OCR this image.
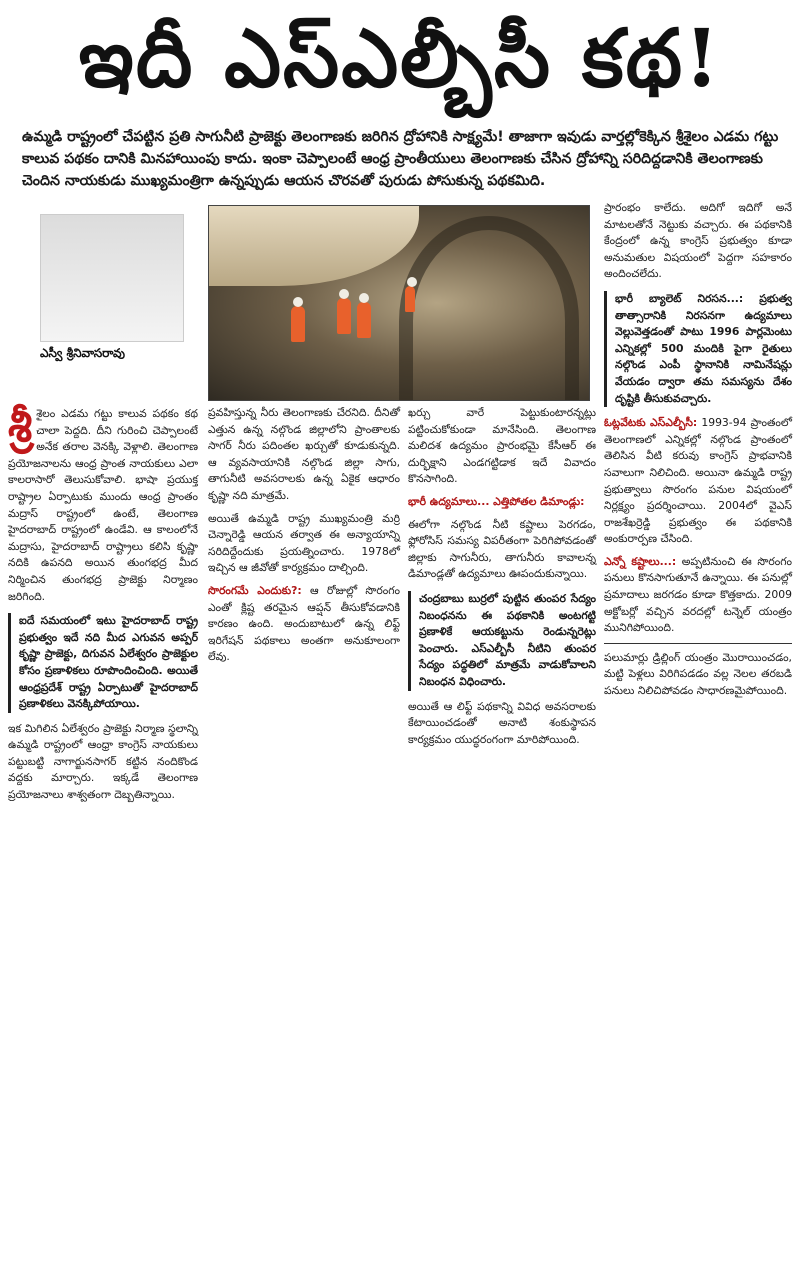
ఇదీ ఎస్ఎల్బీసీ కథ!
ఉమ్మడి రాష్ట్రంలో చేపట్టిన ప్రతి సాగునీటి ప్రాజెక్టు తెలంగాణకు జరిగిన ద్రోహానికి సాక్ష్యమే! తాజాగా ఇవుడు వార్తల్లోకెక్కిన శ్రీశైలం ఎడమ గట్టు కాలువ పథకం దానికి మినహాయింపు కాదు. ఇంకా చెప్పాలంటే ఆంధ్ర ప్రాంతీయులు తెలంగాణకు చేసిన ద్రోహాన్ని సరిదిద్దడానికి తెలంగాణకు చెందిన నాయకుడు ముఖ్యమంత్రిగా ఉన్నప్పుడు ఆయన చొరవతో పురుడు పోసుకున్న పథకమిది.
ఎస్వీ శ్రీనివాసరావు

శ్రీ శైలం ఎడమ గట్టు కాలువ పథకం కథ చాలా పెద్దది. దీని గురించి చెప్పాలంటే అనేక తరాల వెనక్కి వెళ్లాలి. తెలంగాణ ప్రయోజనాలను ఆంధ్ర ప్రాంత నాయకులు ఎలా కాలరాసారో తెలుసుకోవాలి. భాషా ప్రయుక్త రాష్ట్రాల ఏర్పాటుకు ముందు ఆంధ్ర ప్రాంతం మద్రాస్ రాష్ట్రంలో ఉంటే, తెలంగాణ హైదరాబాద్ రాష్ట్రంలో ఉండేవి. ఆ కాలంలోనే మద్రాసు, హైదరాబాద్ రాష్ట్రాలు కలిసి కృష్ణా నదికి ఉపనది అయిన తుంగభద్ర మీద నిర్మించిన తుంగభద్ర ప్రాజెక్టు నిర్మాణం జరిగింది.

ఐదే సమయంలో ఇటు హైదరాబాద్ రాష్ట్ర ప్రభుత్వం ఇదే నది మీద ఎగువన అప్పర్ కృష్ణా ప్రాజెక్టు, దిగువన ఏలేశ్వరం ప్రాజెక్టుల కోసం ప్రణాళికలు రూపొందించింది. అయితే ఆంధ్రప్రదేశ్ రాష్ట్ర ఏర్పాటుతో హైదరాబాద్ ప్రణాళికలు వెనక్కిపోయాయి.

ఇక మిగిలిన ఏలేశ్వరం ప్రాజెక్టు నిర్మాణ స్థలాన్ని ఉమ్మడి రాష్ట్రంలో ఆంధ్రా కాంగ్రెస్ నాయకులు పట్టుబట్టి నాగార్జునసాగర్ కట్టిన నందికొండ వద్దకు మార్చారు. ఇక్కడే తెలంగాణ ప్రయోజనాలు శాశ్వతంగా దెబ్బతిన్నాయి.

ప్రవహిస్తున్న నీరు తెలంగాణకు చేరనిది. దీనితో ఎత్తున ఉన్న నల్గొండ జిల్లాలోని ప్రాంతాలకు సాగర్ నీరు పదింతల ఖర్చుతో కూడుకున్నది. ఆ వ్యవసాయానికి నల్గొండ జిల్లా సాగు, తాగునీటి అవసరాలకు ఉన్న ఏకైక ఆధారం కృష్ణా నది మాత్రమే.

అయితే ఉమ్మడి రాష్ట్ర ముఖ్యమంత్రి మర్రి చెన్నారెడ్డి ఆయన తర్వాత ఈ అన్యాయాన్ని సరిదిద్దేందుకు ప్రయత్నించారు. 1978లో ఇచ్చిన ఆ జీవోతో కార్యక్రమం దాల్చింది.

సొరంగమే ఎందుకు?: ఆ రోజుల్లో సొరంగం ఎంతో క్లిష్ట తరమైన ఆప్షన్ తీసుకోవడానికి కారణం ఉంది. అందుబాటులో ఉన్న లిఫ్ట్ ఇరిగేషన్ పథకాలు అంతగా అనుకూలంగా లేవు.

ఖర్చు వారే పెట్టుకుంటారన్నట్లు పట్టించుకోకుండా మానేసింది. తెలంగాణ మలిదశ ఉద్యమం ప్రారంభమై కేసీఆర్ ఈ దుర్భిక్షాని ఎండగట్టిడాక ఇదే వివాదం కొనసాగింది.

భారీ ఉద్యమాలు... ఎత్తిపోతల డిమాండ్లు:

ఈలోగా నల్గొండ నీటి కష్టాలు పెరగడం, ఫ్లోరోసిస్ సమస్య విపరీతంగా పెరిగిపోవడంతో జిల్లాకు సాగునీరు, తాగునీరు కావాలన్న డిమాండ్లతో ఉద్యమాలు ఊపందుకున్నాయి.

చంద్రబాబు బుర్రలో పుట్టిన తుంపర సేద్యం నిబంధనను ఈ పథకానికి అంటగట్టి ప్రణాళికే ఆయకట్టును రెండున్నరెట్లు పెంచారు. ఎస్ఎల్బీసీ నీటిని తుంపర సేద్యం పద్ధతిలో మాత్రమే వాడుకోవాలని నిబంధన విధించారు.

అయితే ఆ లిఫ్ట్ పథకాన్ని వివిధ అవసరాలకు కేటాయించడంతో అనాటి శంకుస్థాపన కార్యక్రమం యుద్ధరంగంగా మారిపోయింది.

ప్రారంభం కాలేదు. అదిగో ఇదిగో అనే మాటలతోనే నెట్టుకు వచ్చారు. ఈ పథకానికి కేంద్రంలో ఉన్న కాంగ్రెస్ ప్రభుత్వం కూడా అనుమతుల విషయంలో పెద్దగా సహకారం అందించలేదు.

భారీ బ్యాలెట్ నిరసన...: ప్రభుత్వ తాత్సారానికి నిరసనగా ఉద్యమాలు వెల్లువెత్తడంతో పాటు 1996 పార్లమెంటు ఎన్నికల్లో 500 మందికి పైగా రైతులు నల్గొండ ఎంపీ స్థానానికి నామినేషన్లు వేయడం ద్వారా తమ సమస్యను దేశం దృష్టికి తీసుకువచ్చారు.

ఓట్లవేటకు ఎస్ఎల్బీసీ: 1993-94 ప్రాంతంలో తెలంగాణలో ఎన్నికల్లో నల్గొండ ప్రాంతంలో తెలిసిన వీటి కరువు కాంగ్రెస్ ప్రాభవానికి సవాలుగా నిలిచింది. అయినా ఉమ్మడి రాష్ట్ర ప్రభుత్వాలు సొరంగం పనుల విషయంలో నిర్లక్ష్యం ప్రదర్శించాయి. 2004లో వైఎస్ రాజశేఖర్రెడ్డి ప్రభుత్వం ఈ పథకానికి అంకురార్పణ చేసింది.

ఎన్నో కష్టాలు...: అప్పటినుంచి ఈ సొరంగం పనులు కొనసాగుతూనే ఉన్నాయి. ఈ పనుల్లో ప్రమాదాలు జరగడం కూడా కొత్తకాదు. 2009 అక్టోబర్లో వచ్చిన వరదల్లో టన్నెల్ యంత్రం మునిగిపోయింది.

పలుమార్లు డ్రిల్లింగ్ యంత్రం మొరాయించడం, మట్టి పెళ్లలు విరిగిపడడం వల్ల నెలల తరబడి పనులు నిలిచిపోవడం సాధారణమైపోయింది.
